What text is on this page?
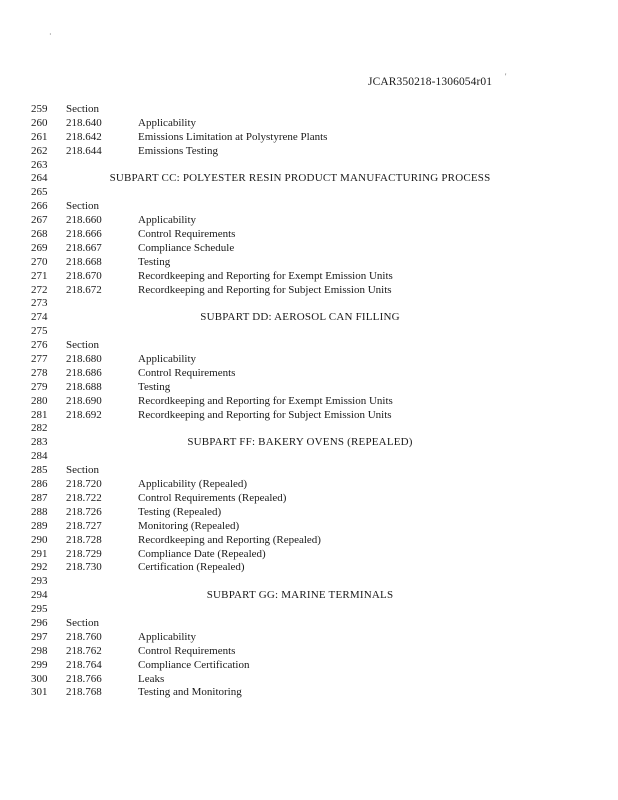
·
JCAR350218-1306054r01 '
259 Section
260 218.640	Applicability
261 218.642	Emissions Limitation at Polystyrene Plants
262 218.644	Emissions Testing
263
264	SUBPART CC: POLYESTER RESIN PRODUCT MANUFACTURING PROCESS
265
266 Section
267 218.660	Applicability
268 218.666	Control Requirements
269 218.667	Compliance Schedule
270 218.668	Testing
271 218.670	Recordkeeping and Reporting for Exempt Emission Units
272 218.672	Recordkeeping and Reporting for Subject Emission Units
273
274	SUBPART DD: AEROSOL CAN FILLING
275
276 Section
277 218.680	Applicability
278 218.686	Control Requirements
279 218.688	Testing
280 218.690	Recordkeeping and Reporting for Exempt Emission Units
281 218.692	Recordkeeping and Reporting for Subject Emission Units
282
283	SUBPART FF: BAKERY OVENS (REPEALED)
284
285 Section
286 218.720	Applicability (Repealed)
287 218.722	Control Requirements (Repealed)
288 218.726	Testing (Repealed)
289 218.727	Monitoring (Repealed)
290 218.728	Recordkeeping and Reporting (Repealed)
291 218.729	Compliance Date (Repealed)
292 218.730	Certification (Repealed)
293
294	SUBPART GG: MARINE TERMINALS
295
296 Section
297 218.760	Applicability
298 218.762	Control Requirements
299 218.764	Compliance Certification
300 218.766	Leaks
301 218.768	Testing and Monitoring
